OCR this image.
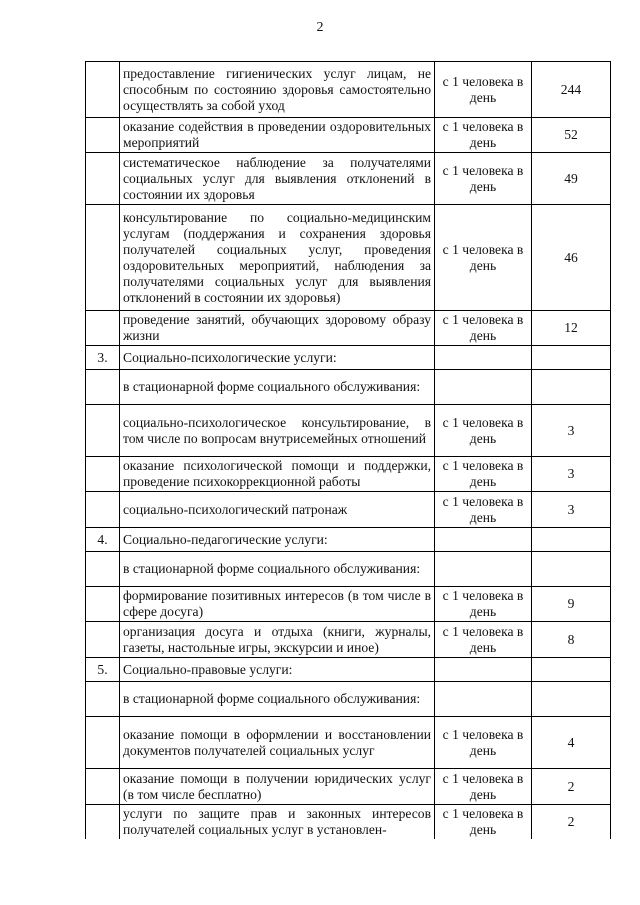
2
	предоставление гигиенических услуг лицам, не способным по состоянию здоровья самостоятельно осуществлять за собой уход	с 1 человека в день	244
	оказание содействия в проведении оздоровительных мероприятий	с 1 человека в день	52
	систематическое наблюдение за получателями социальных услуг для выявления отклонений в состоянии их здоровья	с 1 человека в день	49
	консультирование по социально-медицинским услугам (поддержания и сохранения здоровья получателей социальных услуг, проведения оздоровительных мероприятий, наблюдения за получателями социальных услуг для выявления отклонений в состоянии их здоровья)	с 1 человека в день	46
	проведение занятий, обучающих здоровому образу жизни	с 1 человека в день	12
3.	Социально-психологические услуги:		
	в стационарной форме социального обслуживания:		
	социально-психологическое консультирование, в том числе по вопросам внутрисемейных отношений	с 1 человека в день	3
	оказание психологической помощи и поддержки, проведение психокоррекционной работы	с 1 человека в день	3
	социально-психологический патронаж	с 1 человека в день	3
4.	Социально-педагогические услуги:		
	в стационарной форме социального обслуживания:		
	формирование позитивных интересов (в том числе в сфере досуга)	с 1 человека в день	9
	организация досуга и отдыха (книги, журналы, газеты, настольные игры, экскурсии и иное)	с 1 человека в день	8
5.	Социально-правовые услуги:		
	в стационарной форме социального обслуживания:		
	оказание помощи в оформлении и восстановлении документов получателей социальных услуг	с 1 человека в день	4
	оказание помощи в получении юридических услуг (в том числе бесплатно)	с 1 человека в день	2
	услуги по защите прав и законных интересов получателей социальных услуг в установлен-	с 1 человека в день	2
